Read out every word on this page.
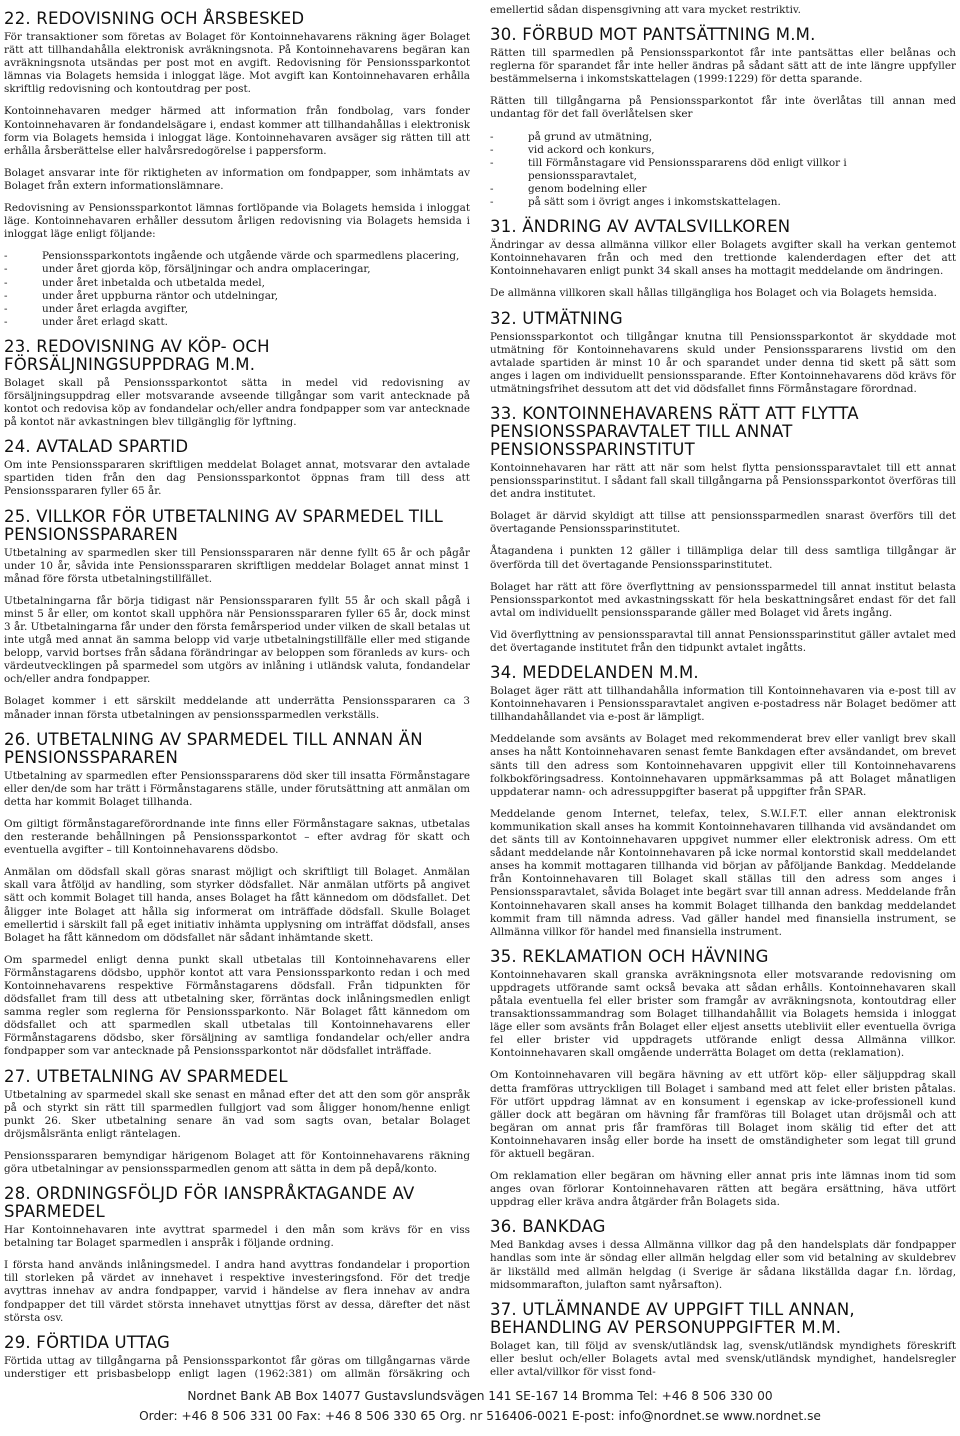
22. REDOVISNING OCH ÅRSBESKED

För transaktioner som företas av Bolaget för Kontoinnehavarens räkning äger Bolaget rätt att tillhandahålla elektronisk avräkningsnota. På Kontoinnehavarens begäran kan avräkningsnota utsändas per post mot en avgift. Redovisning för Pensionssparkontot lämnas via Bolagets hemsida i inloggat läge. Mot avgift kan Kontoinnehavaren erhålla skriftlig redovisning och kontoutdrag per post.

Kontoinnehavaren medger härmed att information från fondbolag, vars fonder Kontoinnehavaren är fondandelsägare i, endast kommer att tillhandahållas i elektronisk form via Bolagets hemsida i inloggat läge. Kontoinnehavaren avsäger sig rätten till att erhålla årsberättelse eller halvårsredogörelse i pappersform.

Bolaget ansvarar inte för riktigheten av information om fondpapper, som inhämtats av Bolaget från extern informationslämnare.

Redovisning av Pensionssparkontot lämnas fortlöpande via Bolagets hemsida i inloggat läge. Kontoinnehavaren erhåller dessutom årligen redovisning via Bolagets hemsida i inloggat läge enligt följande:

- Pensionssparkontots ingående och utgående värde och sparmedlens placering,
- under året gjorda köp, försäljningar och andra omplaceringar,
- under året inbetalda och utbetalda medel,
- under året uppburna räntor och utdelningar,
- under året erlagda avgifter,
- under året erlagd skatt.
23. REDOVISNING AV KÖP- OCH FÖRSÄLJNINGSUPPDRAG M.M.

Bolaget skall på Pensionssparkontot sätta in medel vid redovisning av försäljningsuppdrag eller motsvarande avseende tillgångar som varit antecknade på kontot och redovisa köp av fondandelar och/eller andra fondpapper som var antecknade på kontot när avkastningen blev tillgänglig för lyftning.

24. AVTALAD SPARTID

Om inte Pensionsspararen skriftligen meddelat Bolaget annat, motsvarar den avtalade spartiden tiden från den dag Pensionssparkontot öppnas fram till dess att Pensionsspararen fyller 65 år.

25. VILLKOR FÖR UTBETALNING AV SPARMEDEL TILL PENSIONSSPARAREN

Utbetalning av sparmedlen sker till Pensionsspararen när denne fyllt 65 år och pågår under 10 år, såvida inte Pensionsspararen skriftligen meddelar Bolaget annat minst 1 månad före första utbetalningstillfället.

Utbetalningarna får börja tidigast när Pensionsspararen fyllt 55 år och skall pågå i minst 5 år eller, om kontot skall upphöra när Pensionsspararen fyller 65 år, dock minst 3 år. Utbetalningarna får under den första femårsperiod under vilken de skall betalas ut inte utgå med annat än samma belopp vid varje utbetalningstillfälle eller med stigande belopp, varvid bortses från sådana förändringar av beloppen som föranleds av kurs- och värdeutvecklingen på sparmedel som utgörs av inlåning i utländsk valuta, fondandelar och/eller andra fondpapper.

Bolaget kommer i ett särskilt meddelande att underrätta Pensionsspararen ca 3 månader innan första utbetalningen av pensionssparmedlen verkställs.

26. UTBETALNING AV SPARMEDEL TILL ANNAN ÄN PENSIONSSPARAREN

Utbetalning av sparmedlen efter Pensionsspararens död sker till insatta Förmånstagare eller den/de som har trätt i Förmånstagarens ställe, under förutsättning att anmälan om detta har kommit Bolaget tillhanda.

Om giltigt förmånstagareförordnande inte finns eller Förmånstagare saknas, utbetalas den resterande behållningen på Pensionssparkontot – efter avdrag för skatt och eventuella avgifter – till Kontoinnehavarens dödsbo.

Anmälan om dödsfall skall göras snarast möjligt och skriftligt till Bolaget. Anmälan skall vara åtföljd av handling, som styrker dödsfallet. När anmälan utförts på angivet sätt och kommit Bolaget till handa, anses Bolaget ha fått kännedom om dödsfallet. Det åligger inte Bolaget att hålla sig informerat om inträffade dödsfall. Skulle Bolaget emellertid i särskilt fall på eget initiativ inhämta upplysning om inträffat dödsfall, anses Bolaget ha fått kännedom om dödsfallet när sådant inhämtande skett.

Om sparmedel enligt denna punkt skall utbetalas till Kontoinnehavarens eller Förmånstagarens dödsbo, upphör kontot att vara Pensionssparkonto redan i och med Kontoinnehavarens respektive Förmånstagarens dödsfall. Från tidpunkten för dödsfallet fram till dess att utbetalning sker, förräntas dock inlåningsmedlen enligt samma regler som reglerna för Pensionssparkonto. När Bolaget fått kännedom om dödsfallet och att sparmedlen skall utbetalas till Kontoinnehavarens eller Förmånstagarens dödsbo, sker försäljning av samtliga fondandelar och/eller andra fondpapper som var antecknade på Pensionssparkontot när dödsfallet inträffade.

27. UTBETALNING AV SPARMEDEL

Utbetalning av sparmedel skall ske senast en månad efter det att den som gör anspråk på och styrkt sin rätt till sparmedlen fullgjort vad som åligger honom/henne enligt punkt 26. Sker utbetalning senare än vad som sagts ovan, betalar Bolaget dröjsmålsränta enligt räntelagen.

Pensionsspararen bemyndigar härigenom Bolaget att för Kontoinnehavarens räkning göra utbetalningar av pensionssparmedlen genom att sätta in dem på depå/konto.

28. ORDNINGSFÖLJD FÖR IANSPRÅKTAGANDE AV SPARMEDEL

Har Kontoinnehavaren inte avyttrat sparmedel i den mån som krävs för en viss betalning tar Bolaget sparmedlen i anspråk i följande ordning.

I första hand används inlåningsmedel. I andra hand avyttras fondandelar i proportion till storleken på värdet av innehavet i respektive investeringsfond. För det tredje avyttras innehav av andra fondpapper, varvid i händelse av flera innehav av andra fondpapper det till värdet största innehavet utnyttjas först av dessa, därefter det näst största osv.

29. FÖRTIDA UTTAG

Förtida uttag av tillgångarna på Pensionssparkontot får göras om tillgångarnas värde understiger ett prisbasbelopp enligt lagen (1962:381) om allmän försäkring och

emellertid sådan dispensgivning att vara mycket restriktiv.

30. FÖRBUD MOT PANTSÄTTNING M.M.

Rätten till sparmedlen på Pensionssparkontot får inte pantsättas eller belånas och reglerna för sparandet får inte heller ändras på sådant sätt att de inte längre uppfyller bestämmelserna i inkomstskattelagen (1999:1229) för detta sparande.

Rätten till tillgångarna på Pensionssparkontot får inte överlåtas till annan med undantag för det fall överlåtelsen sker

- på grund av utmätning,
- vid ackord och konkurs,
- till Förmånstagare vid Pensionsspararens död enligt villkor i pensionssparavtalet,
- genom bodelning eller
- på sätt som i övrigt anges i inkomstskattelagen.
31. ÄNDRING AV AVTALSVILLKOREN

Ändringar av dessa allmänna villkor eller Bolagets avgifter skall ha verkan gentemot Kontoinnehavaren från och med den trettionde kalenderdagen efter det att Kontoinnehavaren enligt punkt 34 skall anses ha mottagit meddelande om ändringen.

De allmänna villkoren skall hållas tillgängliga hos Bolaget och via Bolagets hemsida.

32. UTMÄTNING

Pensionssparkontot och tillgångar knutna till Pensionssparkontot är skyddade mot utmätning för Kontoinnehavarens skuld under Pensionsspararens livstid om den avtalade spartiden är minst 10 år och sparandet under denna tid skett på sätt som anges i lagen om individuellt pensionssparande. Efter Kontoinnehavarens död krävs för utmätningsfrihet dessutom att det vid dödsfallet finns Förmånstagare förordnad.

33. KONTOINNEHAVARENS RÄTT ATT FLYTTA PENSIONSSPARAVTALET TILL ANNAT PENSIONSSPARINSTITUT

Kontoinnehavaren har rätt att när som helst flytta pensionssparavtalet till ett annat pensionssparinstitut. I sådant fall skall tillgångarna på Pensionssparkontot överföras till det andra institutet.

Bolaget är därvid skyldigt att tillse att pensionssparmedlen snarast överförs till det övertagande Pensionssparinstitutet.

Åtagandena i punkten 12 gäller i tillämpliga delar till dess samtliga tillgångar är överförda till det övertagande Pensionssparinstitutet.

Bolaget har rätt att före överflyttning av pensionssparmedel till annat institut belasta Pensionssparkontot med avkastningsskatt för hela beskattningsåret endast för det fall avtal om individuellt pensionssparande gäller med Bolaget vid årets ingång.

Vid överflyttning av pensionssparavtal till annat Pensionssparinstitut gäller avtalet med det övertagande institutet från den tidpunkt avtalet ingåtts.

34. MEDDELANDEN M.M.

Bolaget äger rätt att tillhandahålla information till Kontoinnehavaren via e-post till av Kontoinnehavaren i Pensionssparavtalet angiven e-postadress när Bolaget bedömer att tillhandahållandet via e-post är lämpligt.

Meddelande som avsänts av Bolaget med rekommenderat brev eller vanligt brev skall anses ha nått Kontoinnehavaren senast femte Bankdagen efter avsändandet, om brevet sänts till den adress som Kontoinnehavaren uppgivit eller till Kontoinnehavarens folkbokföringsadress. Kontoinnehavaren uppmärksammas på att Bolaget månatligen uppdaterar namn- och adressuppgifter baserat på uppgifter från SPAR.

Meddelande genom Internet, telefax, telex, S.W.I.F.T. eller annan elektronisk kommunikation skall anses ha kommit Kontoinnehavaren tillhanda vid avsändandet om det sänts till av Kontoinnehavaren uppgivet nummer eller elektronisk adress. Om ett sådant meddelande når Kontoinnehavaren på icke normal kontorstid skall meddelandet anses ha kommit mottagaren tillhanda vid början av påföljande Bankdag. Meddelande från Kontoinnehavaren till Bolaget skall ställas till den adress som anges i Pensionssparavtalet, såvida Bolaget inte begärt svar till annan adress. Meddelande från Kontoinnehavaren skall anses ha kommit Bolaget tillhanda den bankdag meddelandet kommit fram till nämnda adress. Vad gäller handel med finansiella instrument, se Allmänna villkor för handel med finansiella instrument.

35. REKLAMATION OCH HÄVNING

Kontoinnehavaren skall granska avräkningsnota eller motsvarande redovisning om uppdragets utförande samt också bevaka att sådan erhålls. Kontoinnehavaren skall påtala eventuella fel eller brister som framgår av avräkningsnota, kontoutdrag eller transaktionssammandrag som Bolaget tillhandahållit via Bolagets hemsida i inloggat läge eller som avsänts från Bolaget eller eljest ansetts utebliviit eller eventuella övriga fel eller brister vid uppdragets utförande enligt dessa Allmänna villkor. Kontoinnehavaren skall omgående underrätta Bolaget om detta (reklamation).

Om Kontoinnehavaren vill begära hävning av ett utfört köp- eller säljuppdrag skall detta framföras uttryckligen till Bolaget i samband med att felet eller bristen påtalas. För utfört uppdrag lämnat av en konsument i egenskap av icke-professionell kund gäller dock att begäran om hävning får framföras till Bolaget utan dröjsmål och att begäran om annat pris får framföras till Bolaget inom skälig tid efter det att Kontoinnehavaren insåg eller borde ha insett de omständigheter som legat till grund för aktuell begäran.

Om reklamation eller begäran om hävning eller annat pris inte lämnas inom tid som anges ovan förlorar Kontoinnehavaren rätten att begära ersättning, häva utfört uppdrag eller kräva andra åtgärder från Bolagets sida.

36. BANKDAG

Med Bankdag avses i dessa Allmänna villkor dag på den handelsplats där fondpapper handlas som inte är söndag eller allmän helgdag eller som vid betalning av skuldebrev är likställd med allmän helgdag (i Sverige är sådana likställda dagar f.n. lördag, midsommarafton, julafton samt nyårsafton).

37. UTLÄMNANDE AV UPPGIFT TILL ANNAN, BEHANDLING AV PERSONUPPGIFTER M.M.

Bolaget kan, till följd av svensk/utländsk lag, svensk/utländsk myndighets föreskrift eller beslut och/eller Bolagets avtal med svensk/utländsk myndighet, handelsregler eller avtal/villkor för visst fond-

Nordnet Bank AB Box 14077 Gustavslundsvägen 141 SE-167 14 Bromma Tel: +46 8 506 330 00
Order: +46 8 506 331 00 Fax: +46 8 506 330 65 Org. nr 516406-0021 E-post: info@nordnet.se www.nordnet.se
